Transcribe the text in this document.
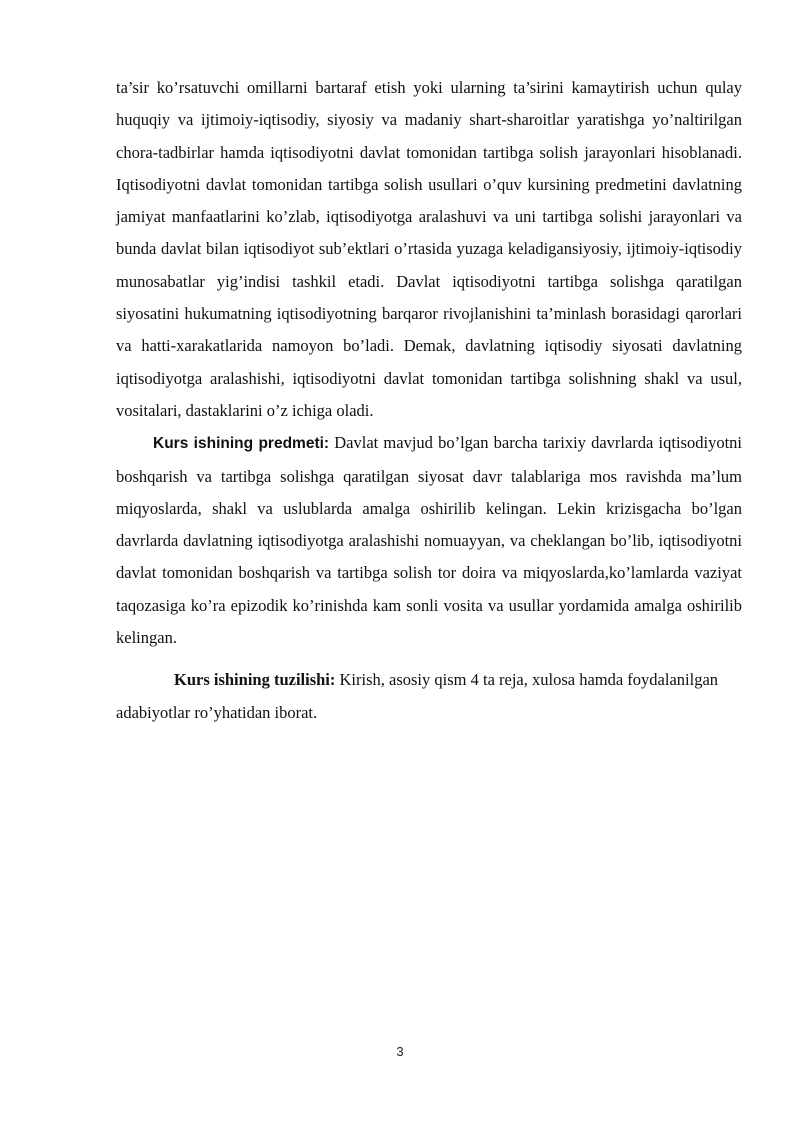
ta’sir ko’rsatuvchi omillarni bartaraf etish yoki ularning ta’sirini kamaytirish uchun qulay huquqiy va ijtimoiy-iqtisodiy, siyosiy va madaniy shart-sharoitlar yaratishga yo’naltirilgan chora-tadbirlar hamda iqtisodiyotni davlat tomonidan tartibga solish jarayonlari hisoblanadi. Iqtisodiyotni davlat tomonidan tartibga solish usullari o’quv kursining predmetini davlatning jamiyat manfaatlarini ko’zlab, iqtisodiyotga aralashuvi va uni tartibga solishi jarayonlari va bunda davlat bilan iqtisodiyot sub’ektlari o’rtasida yuzaga keladigansiyosiy, ijtimoiy-iqtisodiy munosabatlar yig’indisi tashkil etadi. Davlat iqtisodiyotni tartibga solishga qaratilgan siyosatini hukumatning iqtisodiyotning barqaror rivojlanishini ta’minlash borasidagi qarorlari va hatti-xarakatlarida namoyon bo’ladi. Demak, davlatning iqtisodiy siyosati davlatning iqtisodiyotga aralashishi, iqtisodiyotni davlat tomonidan tartibga solishning shakl va usul, vositalari, dastaklarini o’z ichiga oladi.

Kurs ishining predmeti: Davlat mavjud bo’lgan barcha tarixiy davrlarda iqtisodiyotni boshqarish va tartibga solishga qaratilgan siyosat davr talablariga mos ravishda ma’lum miqyoslarda, shakl va uslublarda amalga oshirilib kelingan. Lekin krizisgacha bo’lgan davrlarda davlatning iqtisodiyotga aralashishi nomuayyan, va cheklangan bo’lib, iqtisodiyotni davlat tomonidan boshqarish va tartibga solish tor doira va miqyoslarda,ko’lamlarda vaziyat taqozasiga ko’ra epizodik ko’rinishda kam sonli vosita va usullar yordamida amalga oshirilib kelingan.

Kurs ishining tuzilishi: Kirish, asosiy qism 4 ta reja, xulosa hamda foydalanilgan adabiyotlar ro’yhatidan iborat.

3
